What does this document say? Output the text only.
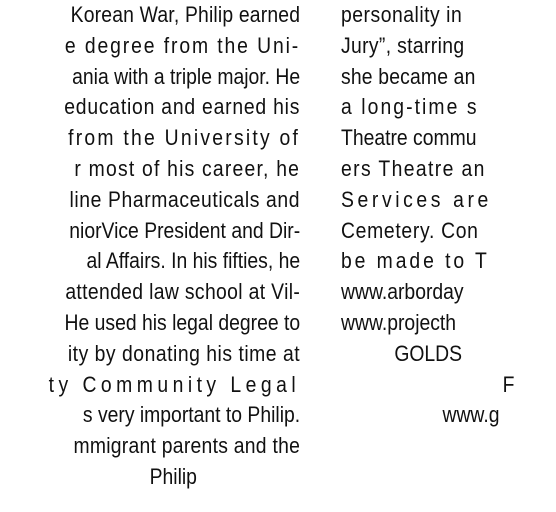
Korean War, Philip earned
e degree from the Uni-
ania with a triple major. He
education and earned his
from the University of
r most of his career, he
line Pharmaceuticals and
niorVice President and Dir-
al Affairs. In his fifties, he
attended law school at Vil-
He used his legal degree to
ity by donating his time at
ty Community Legal
s very important to Philip.
mmigrant parents and the
Philip
personality in
Jury”, starring
she became an
a long-time s
Theatre commu
ers Theatre an
Services are
Cemetery. Con
be made to T
www.arborday
www.projecth
GOLDS
F
www.g
